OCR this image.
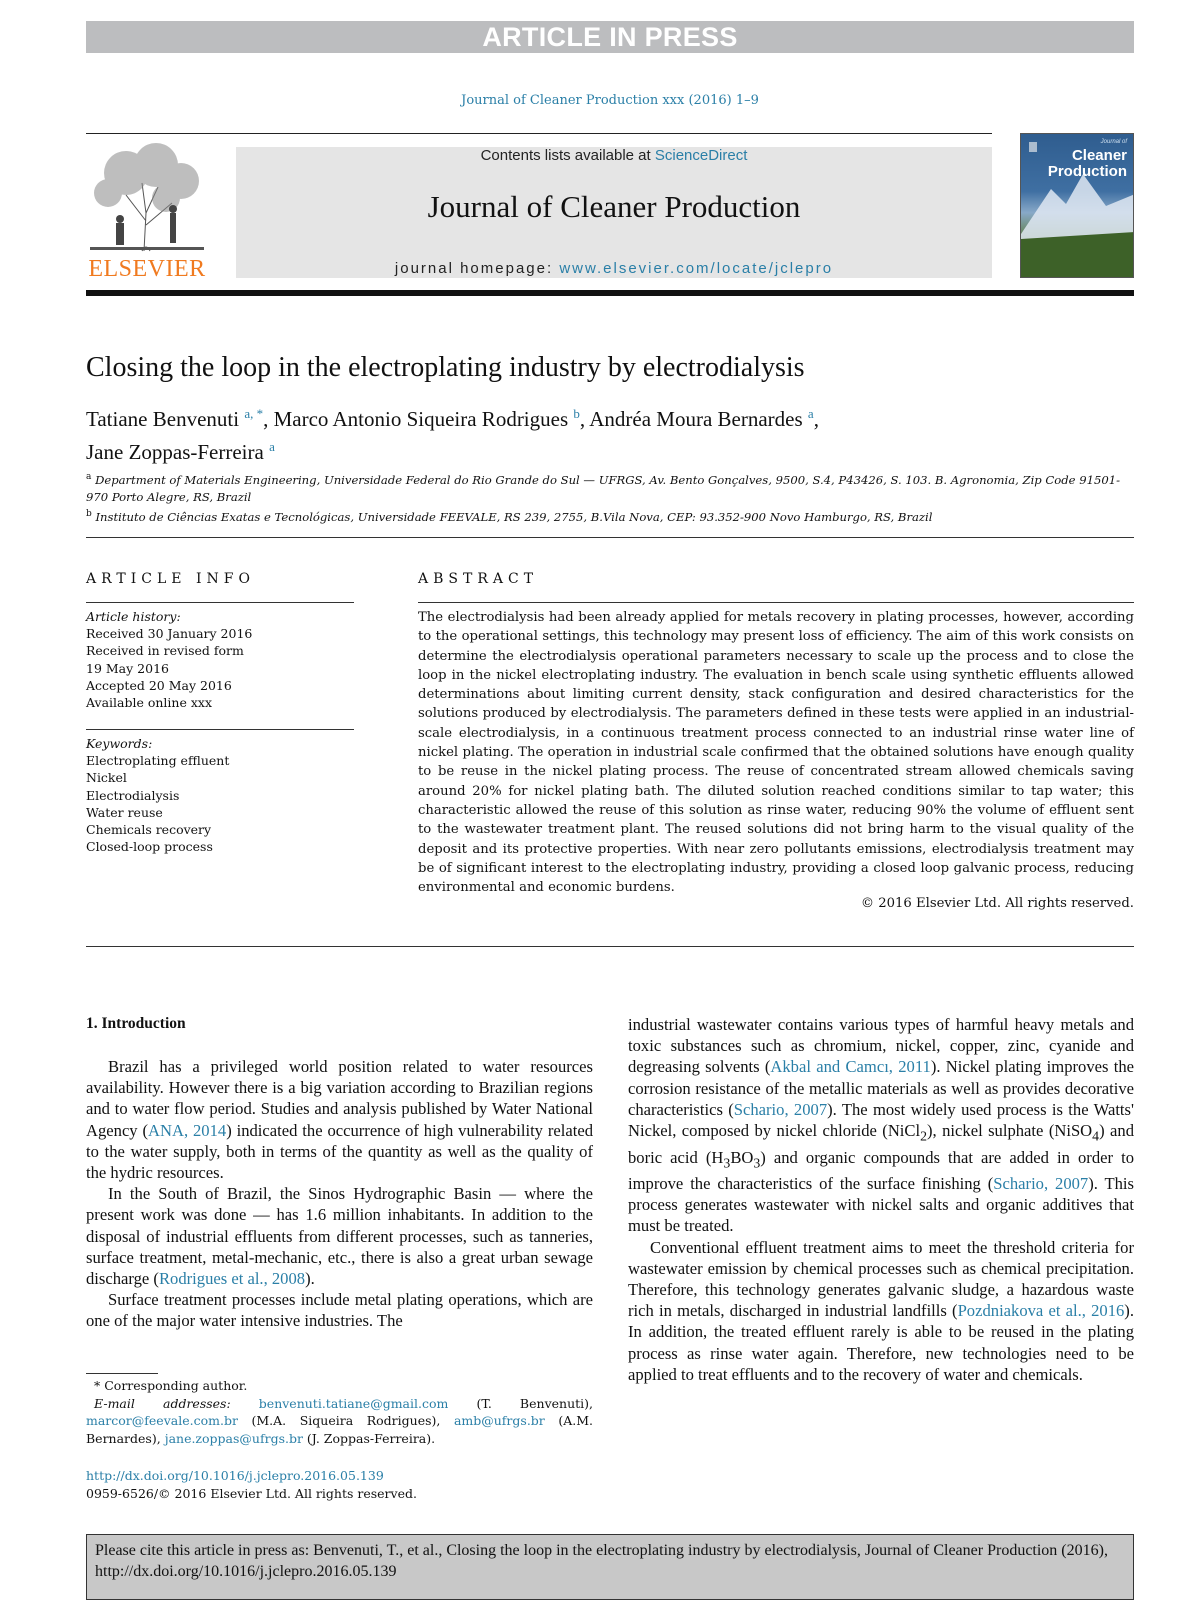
ARTICLE IN PRESS
Journal of Cleaner Production xxx (2016) 1–9
ELSEVIER
Contents lists available at ScienceDirect
Journal of Cleaner Production
journal homepage: www.elsevier.com/locate/jclepro
Journal of
Cleaner Production
Closing the loop in the electroplating industry by electrodialysis
Tatiane Benvenuti $^{a, *}$, Marco Antonio Siqueira Rodrigues $^b$, Andréa Moura Bernardes $^a$,
Jane Zoppas-Ferreira $^a$
$^a$ Department of Materials Engineering, Universidade Federal do Rio Grande do Sul — UFRGS, Av. Bento Gonçalves, 9500, S.4, P43426, S. 103. B. Agronomia, Zip Code 91501-970 Porto Alegre, RS, Brazil
$^b$ Instituto de Ciências Exatas e Tecnológicas, Universidade FEEVALE, RS 239, 2755, B.Vila Nova, CEP: 93.352-900 Novo Hamburgo, RS, Brazil
ARTICLE INFO
Article history:
Received 30 January 2016
Received in revised form
19 May 2016
Accepted 20 May 2016
Available online xxx
Keywords:
Electroplating effluent
Nickel
Electrodialysis
Water reuse
Chemicals recovery
Closed-loop process
ABSTRACT
The electrodialysis had been already applied for metals recovery in plating processes, however, according to the operational settings, this technology may present loss of efficiency. The aim of this work consists on determine the electrodialysis operational parameters necessary to scale up the process and to close the loop in the nickel electroplating industry. The evaluation in bench scale using synthetic effluents allowed determinations about limiting current density, stack configuration and desired characteristics for the solutions produced by electrodialysis. The parameters defined in these tests were applied in an industrial-scale electrodialysis, in a continuous treatment process connected to an industrial rinse water line of nickel plating. The operation in industrial scale confirmed that the obtained solutions have enough quality to be reuse in the nickel plating process. The reuse of concentrated stream allowed chemicals saving around 20% for nickel plating bath. The diluted solution reached conditions similar to tap water; this characteristic allowed the reuse of this solution as rinse water, reducing 90% the volume of effluent sent to the wastewater treatment plant. The reused solutions did not bring harm to the visual quality of the deposit and its protective properties. With near zero pollutants emissions, electrodialysis treatment may be of significant interest to the electroplating industry, providing a closed loop galvanic process, reducing environmental and economic burdens.
© 2016 Elsevier Ltd. All rights reserved.
1. Introduction

Brazil has a privileged world position related to water resources availability. However there is a big variation according to Brazilian regions and to water flow period. Studies and analysis published by Water National Agency (ANA, 2014) indicated the occurrence of high vulnerability related to the water supply, both in terms of the quantity as well as the quality of the hydric resources.

In the South of Brazil, the Sinos Hydrographic Basin — where the present work was done — has 1.6 million inhabitants. In addition to the disposal of industrial effluents from different processes, such as tanneries, surface treatment, metal-mechanic, etc., there is also a great urban sewage discharge (Rodrigues et al., 2008).

Surface treatment processes include metal plating operations, which are one of the major water intensive industries. The

industrial wastewater contains various types of harmful heavy metals and toxic substances such as chromium, nickel, copper, zinc, cyanide and degreasing solvents (Akbal and Camcı, 2011). Nickel plating improves the corrosion resistance of the metallic materials as well as provides decorative characteristics (Schario, 2007). The most widely used process is the Watts' Nickel, composed by nickel chloride (NiCl$_2$), nickel sulphate (NiSO$_4$) and boric acid $(H_3BO_3)$ and organic compounds that are added in order to improve the characteristics of the surface finishing (Schario, 2007). This process generates wastewater with nickel salts and organic additives that must be treated.

Conventional effluent treatment aims to meet the threshold criteria for wastewater emission by chemical processes such as chemical precipitation. Therefore, this technology generates galvanic sludge, a hazardous waste rich in metals, discharged in industrial landfills (Pozdniakova et al., 2016). In addition, the treated effluent rarely is able to be reused in the plating process as rinse water again. Therefore, new technologies need to be applied to treat effluents and to the recovery of water and chemicals.

* Corresponding author.
E-mail addresses: benvenuti.tatiane@gmail.com (T. Benvenuti), marcor@feevale.com.br (M.A. Siqueira Rodrigues), amb@ufrgs.br (A.M. Bernardes), jane.zoppas@ufrgs.br (J. Zoppas-Ferreira).
http://dx.doi.org/10.1016/j.jclepro.2016.05.139
0959-6526/© 2016 Elsevier Ltd. All rights reserved.
Please cite this article in press as: Benvenuti, T., et al., Closing the loop in the electroplating industry by electrodialysis, Journal of Cleaner Production (2016), http://dx.doi.org/10.1016/j.jclepro.2016.05.139
